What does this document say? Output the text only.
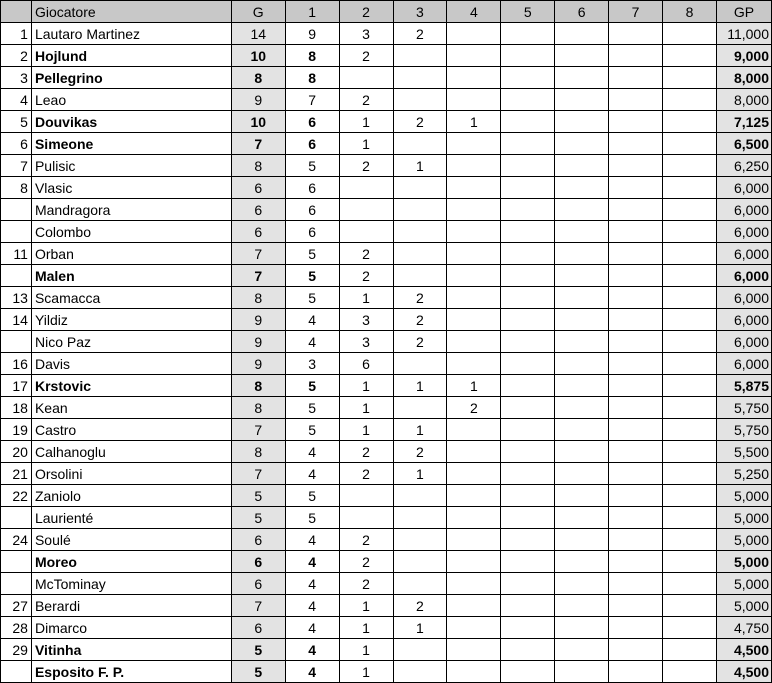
	Giocatore	G	1	2	3	4	5	6	7	8	GP
1	Lautaro Martinez	14	9	3	2						11,000
2	Hojlund	10	8	2							9,000
3	Pellegrino	8	8								8,000
4	Leao	9	7	2							8,000
5	Douvikas	10	6	1	2	1					7,125
6	Simeone	7	6	1							6,500
7	Pulisic	8	5	2	1						6,250
8	Vlasic	6	6								6,000
	Mandragora	6	6								6,000
	Colombo	6	6								6,000
11	Orban	7	5	2							6,000
	Malen	7	5	2							6,000
13	Scamacca	8	5	1	2						6,000
14	Yildiz	9	4	3	2						6,000
	Nico Paz	9	4	3	2						6,000
16	Davis	9	3	6							6,000
17	Krstovic	8	5	1	1	1					5,875
18	Kean	8	5	1		2					5,750
19	Castro	7	5	1	1						5,750
20	Calhanoglu	8	4	2	2						5,500
21	Orsolini	7	4	2	1						5,250
22	Zaniolo	5	5								5,000
	Laurienté	5	5								5,000
24	Soulé	6	4	2							5,000
	Moreo	6	4	2							5,000
	McTominay	6	4	2							5,000
27	Berardi	7	4	1	2						5,000
28	Dimarco	6	4	1	1						4,750
29	Vitinha	5	4	1							4,500
	Esposito F. P.	5	4	1							4,500
